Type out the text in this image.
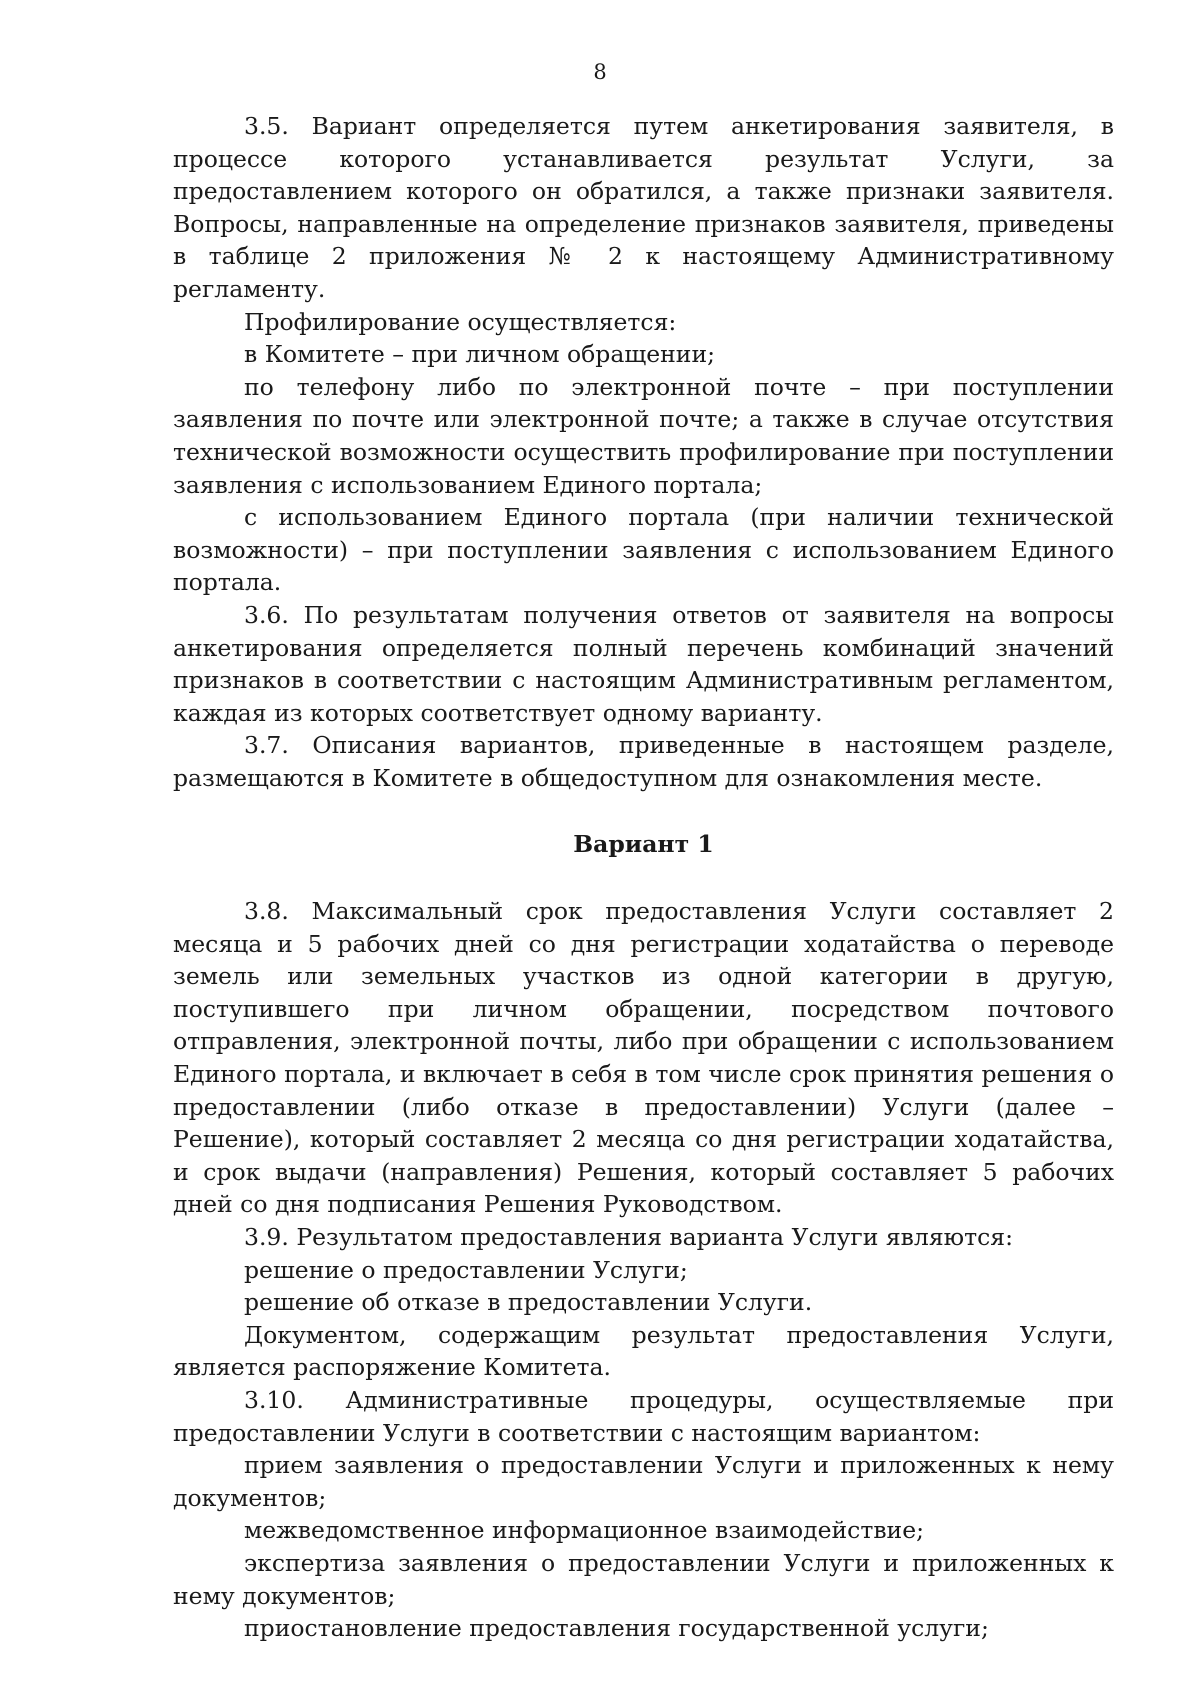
8

3.5. Вариант определяется путем анкетирования заявителя, в процессе которого устанавливается результат Услуги, за предоставлением которого он обратился, а также признаки заявителя. Вопросы, направленные на определение признаков заявителя, приведены в таблице 2 приложения № 2 к настоящему Административному регламенту.

Профилирование осуществляется:

в Комитете – при личном обращении;

по телефону либо по электронной почте – при поступлении заявления по почте или электронной почте; а также в случае отсутствия технической возможности осуществить профилирование при поступлении заявления с использованием Единого портала;

с использованием Единого портала (при наличии технической возможности) – при поступлении заявления с использованием Единого портала.

3.6. По результатам получения ответов от заявителя на вопросы анкетирования определяется полный перечень комбинаций значений признаков в соответствии с настоящим Административным регламентом, каждая из которых соответствует одному варианту.

3.7. Описания вариантов, приведенные в настоящем разделе, размещаются в Комитете в общедоступном для ознакомления месте.

Вариант 1

3.8. Максимальный срок предоставления Услуги составляет 2 месяца и 5 рабочих дней со дня регистрации ходатайства о переводе земель или земельных участков из одной категории в другую, поступившего при личном обращении, посредством почтового отправления, электронной почты, либо при обращении с использованием Единого портала, и включает в себя в том числе срок принятия решения о предоставлении (либо отказе в предоставлении) Услуги (далее – Решение), который составляет 2 месяца со дня регистрации ходатайства, и срок выдачи (направления) Решения, который составляет 5 рабочих дней со дня подписания Решения Руководством.

3.9. Результатом предоставления варианта Услуги являются:

решение о предоставлении Услуги;

решение об отказе в предоставлении Услуги.

Документом, содержащим результат предоставления Услуги, является распоряжение Комитета.

3.10. Административные процедуры, осуществляемые при предоставлении Услуги в соответствии с настоящим вариантом:

прием заявления о предоставлении Услуги и приложенных к нему документов;

межведомственное информационное взаимодействие;

экспертиза заявления о предоставлении Услуги и приложенных к нему документов;

приостановление предоставления государственной услуги;
